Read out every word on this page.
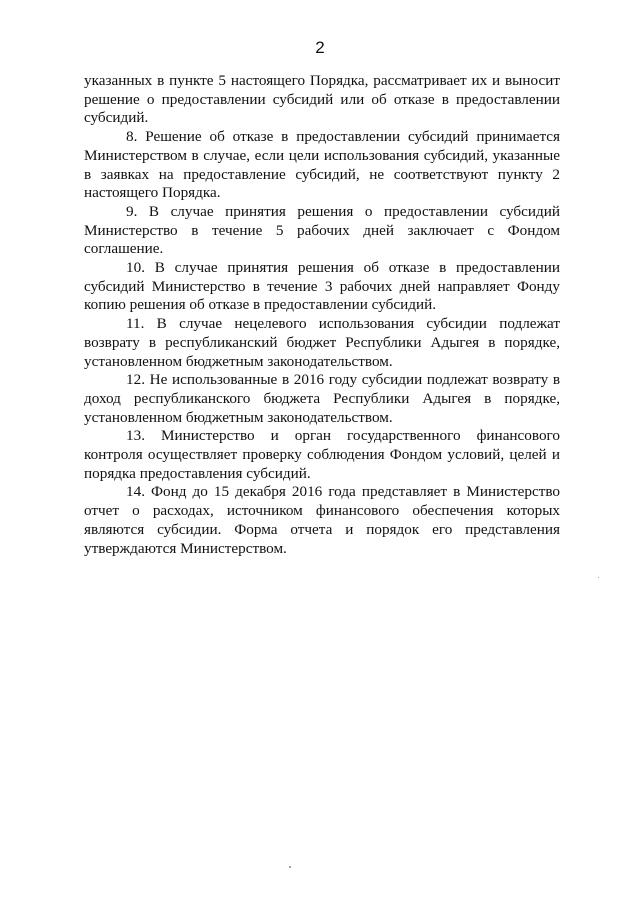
2

указанных в пункте 5 настоящего Порядка, рассматривает их и выносит решение о предоставлении субсидий или об отказе в предоставлении субсидий.

8. Решение об отказе в предоставлении субсидий принимается Министерством в случае, если цели использования субсидий, указанные в заявках на предоставление субсидий, не соответствуют пункту 2 настоящего Порядка.

9. В случае принятия решения о предоставлении субсидий Министерство в течение 5 рабочих дней заключает с Фондом соглашение.

10. В случае принятия решения об отказе в предоставлении субсидий Министерство в течение 3 рабочих дней направляет Фонду копию решения об отказе в предоставлении субсидий.

11. В случае нецелевого использования субсидии подлежат возврату в республиканский бюджет Республики Адыгея в порядке, установленном бюджетным законодательством.

12. Не использованные в 2016 году субсидии подлежат возврату в доход республиканского бюджета Республики Адыгея в порядке, установленном бюджетным законодательством.

13. Министерство и орган государственного финансового контроля осуществляет проверку соблюдения Фондом условий, целей и порядка предоставления субсидий.

14. Фонд до 15 декабря 2016 года представляет в Министерство отчет о расходах, источником финансового обеспечения которых являются субсидии. Форма отчета и порядок его представления утверждаются Министерством.
